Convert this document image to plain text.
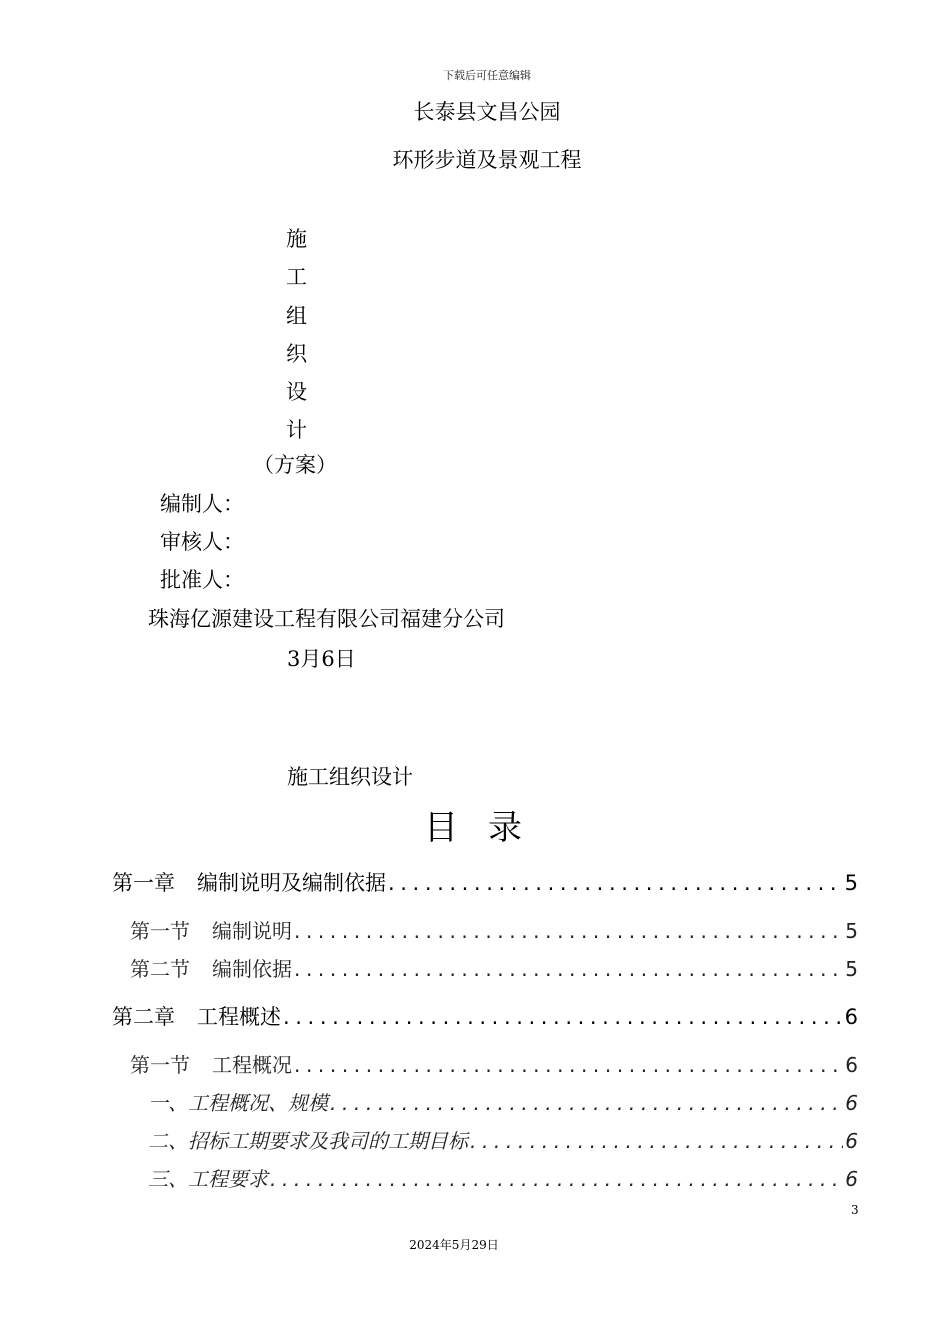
下载后可任意编辑
长泰县文昌公园
环形步道及景观工程
施
工
组
织
设
计
（方案）
编制人：
审核人：
批准人：
珠海亿源建设工程有限公司福建分公司
3月6日
施工组织设计
目录
第一章 编制说明及编制依据 .....	5
第一节 编制说明 .....	5
第二节 编制依据 .....	5
第二章 工程概述 .....	6
第一节 工程概况 .....	6
一、工程概况、规模 .....	6
二、招标工期要求及我司的工期目标 .....	6
三、工程要求 .....	6
3
2024年5月29日
